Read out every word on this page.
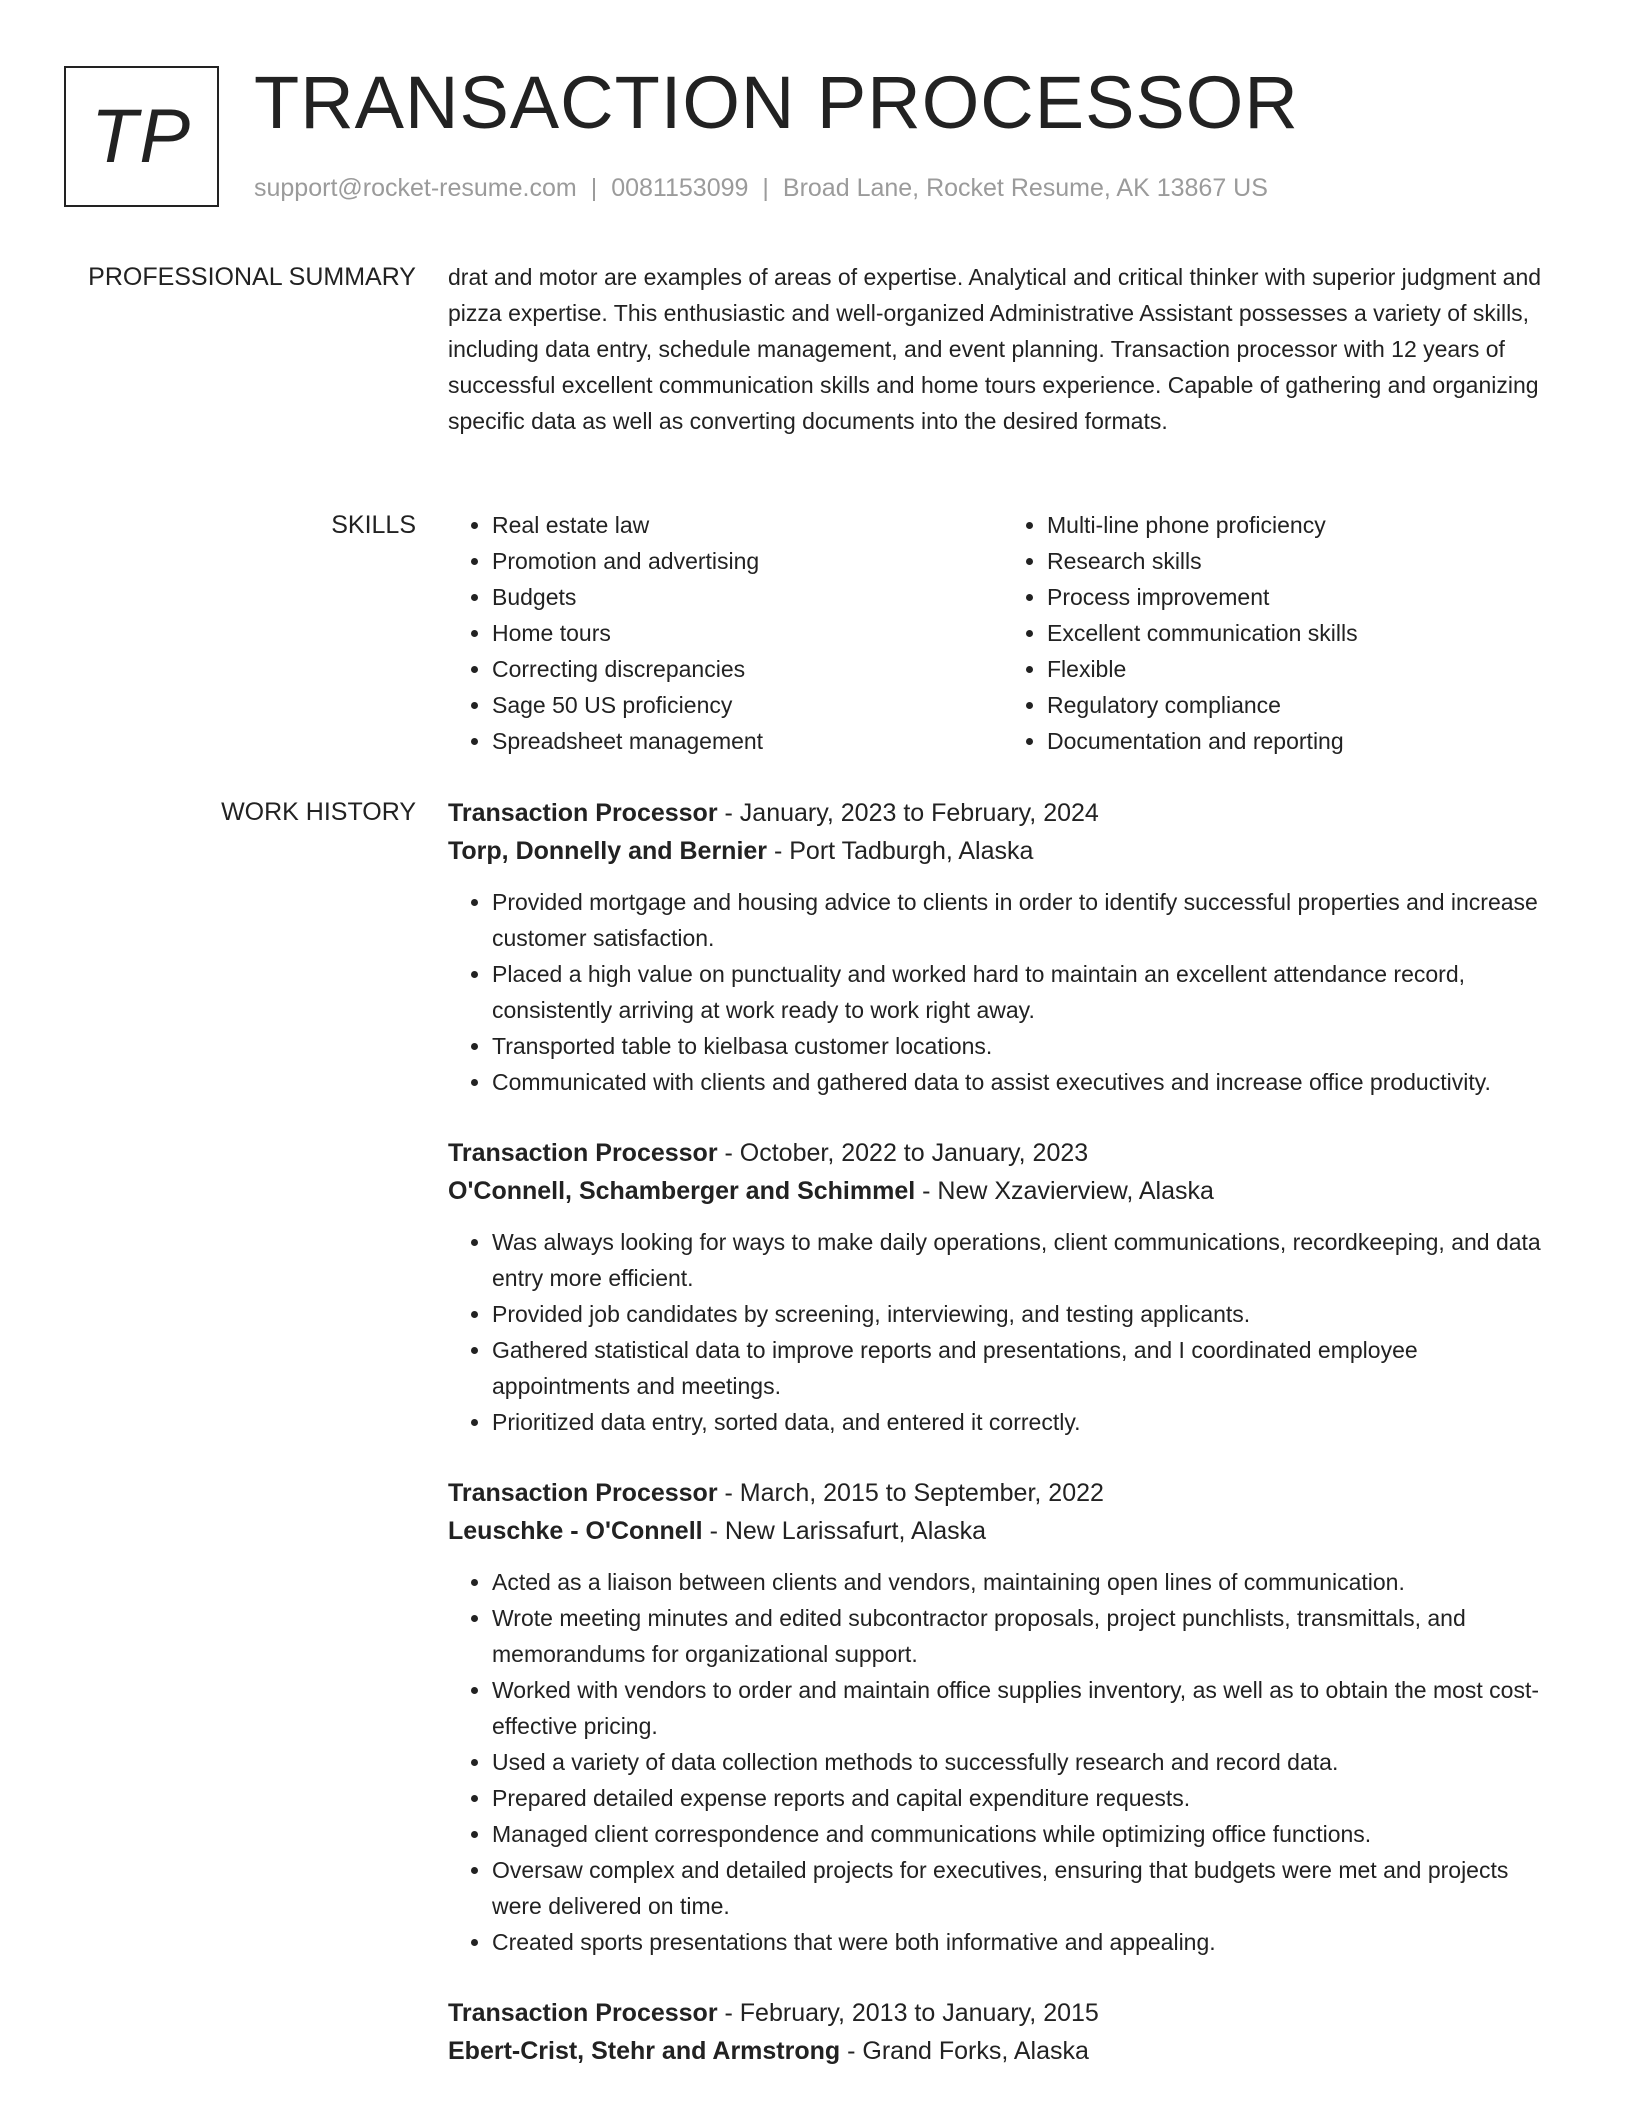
TP TRANSACTION PROCESSOR
support@rocket-resume.com | 0081153099 | Broad Lane, Rocket Resume, AK 13867 US
PROFESSIONAL SUMMARY drat and motor are examples of areas of expertise. Analytical and critical thinker with superior judgment and pizza expertise. This enthusiastic and well-organized Administrative Assistant possesses a variety of skills, including data entry, schedule management, and event planning. Transaction processor with 12 years of successful excellent communication skills and home tours experience. Capable of gathering and organizing specific data as well as converting documents into the desired formats.

SKILLS
•	Real estate law
• Promotion and advertising
• Budgets
• Home tours
• Correcting discrepancies
• Sage 50 US proficiency
• Spreadsheet management
• Multi-line phone proficiency
• Research skills
• Process improvement
• Excellent communication skills
• Flexible
• Regulatory compliance
• Documentation and reporting
WORK HISTORY Transaction Processor - January, 2023 to February, 2024

Torp, Donnelly and Bernier - Port Tadburgh, Alaska

• Provided mortgage and housing advice to clients in order to identify successful properties and increase customer satisfaction.
• Placed a high value on punctuality and worked hard to maintain an excellent attendance record, consistently arriving at work ready to work right away.
• Transported table to kielbasa customer locations.
• Communicated with clients and gathered data to assist executives and increase office productivity.

Transaction Processor - October, 2022 to January, 2023

O'Connell, Schamberger and Schimmel - New Xzavierview, Alaska

• Was always looking for ways to make daily operations, client communications, recordkeeping, and data entry more efficient.
• Provided job candidates by screening, interviewing, and testing applicants.
• Gathered statistical data to improve reports and presentations, and I coordinated employee appointments and meetings.
• Prioritized data entry, sorted data, and entered it correctly.

Transaction Processor - March, 2015 to September, 2022

Leuschke - O'Connell - New Larissafurt, Alaska

• Acted as a liaison between clients and vendors, maintaining open lines of communication.
• Wrote meeting minutes and edited subcontractor proposals, project punchlists, transmittals, and memorandums for organizational support.
• Worked with vendors to order and maintain office supplies inventory, as well as to obtain the most cost-effective pricing.
• Used a variety of data collection methods to successfully research and record data.
• Prepared detailed expense reports and capital expenditure requests.
• Managed client correspondence and communications while optimizing office functions.
• Oversaw complex and detailed projects for executives, ensuring that budgets were met and projects were delivered on time.
• Created sports presentations that were both informative and appealing.

Transaction Processor - February, 2013 to January, 2015

Ebert-Crist, Stehr and Armstrong - Grand Forks, Alaska
